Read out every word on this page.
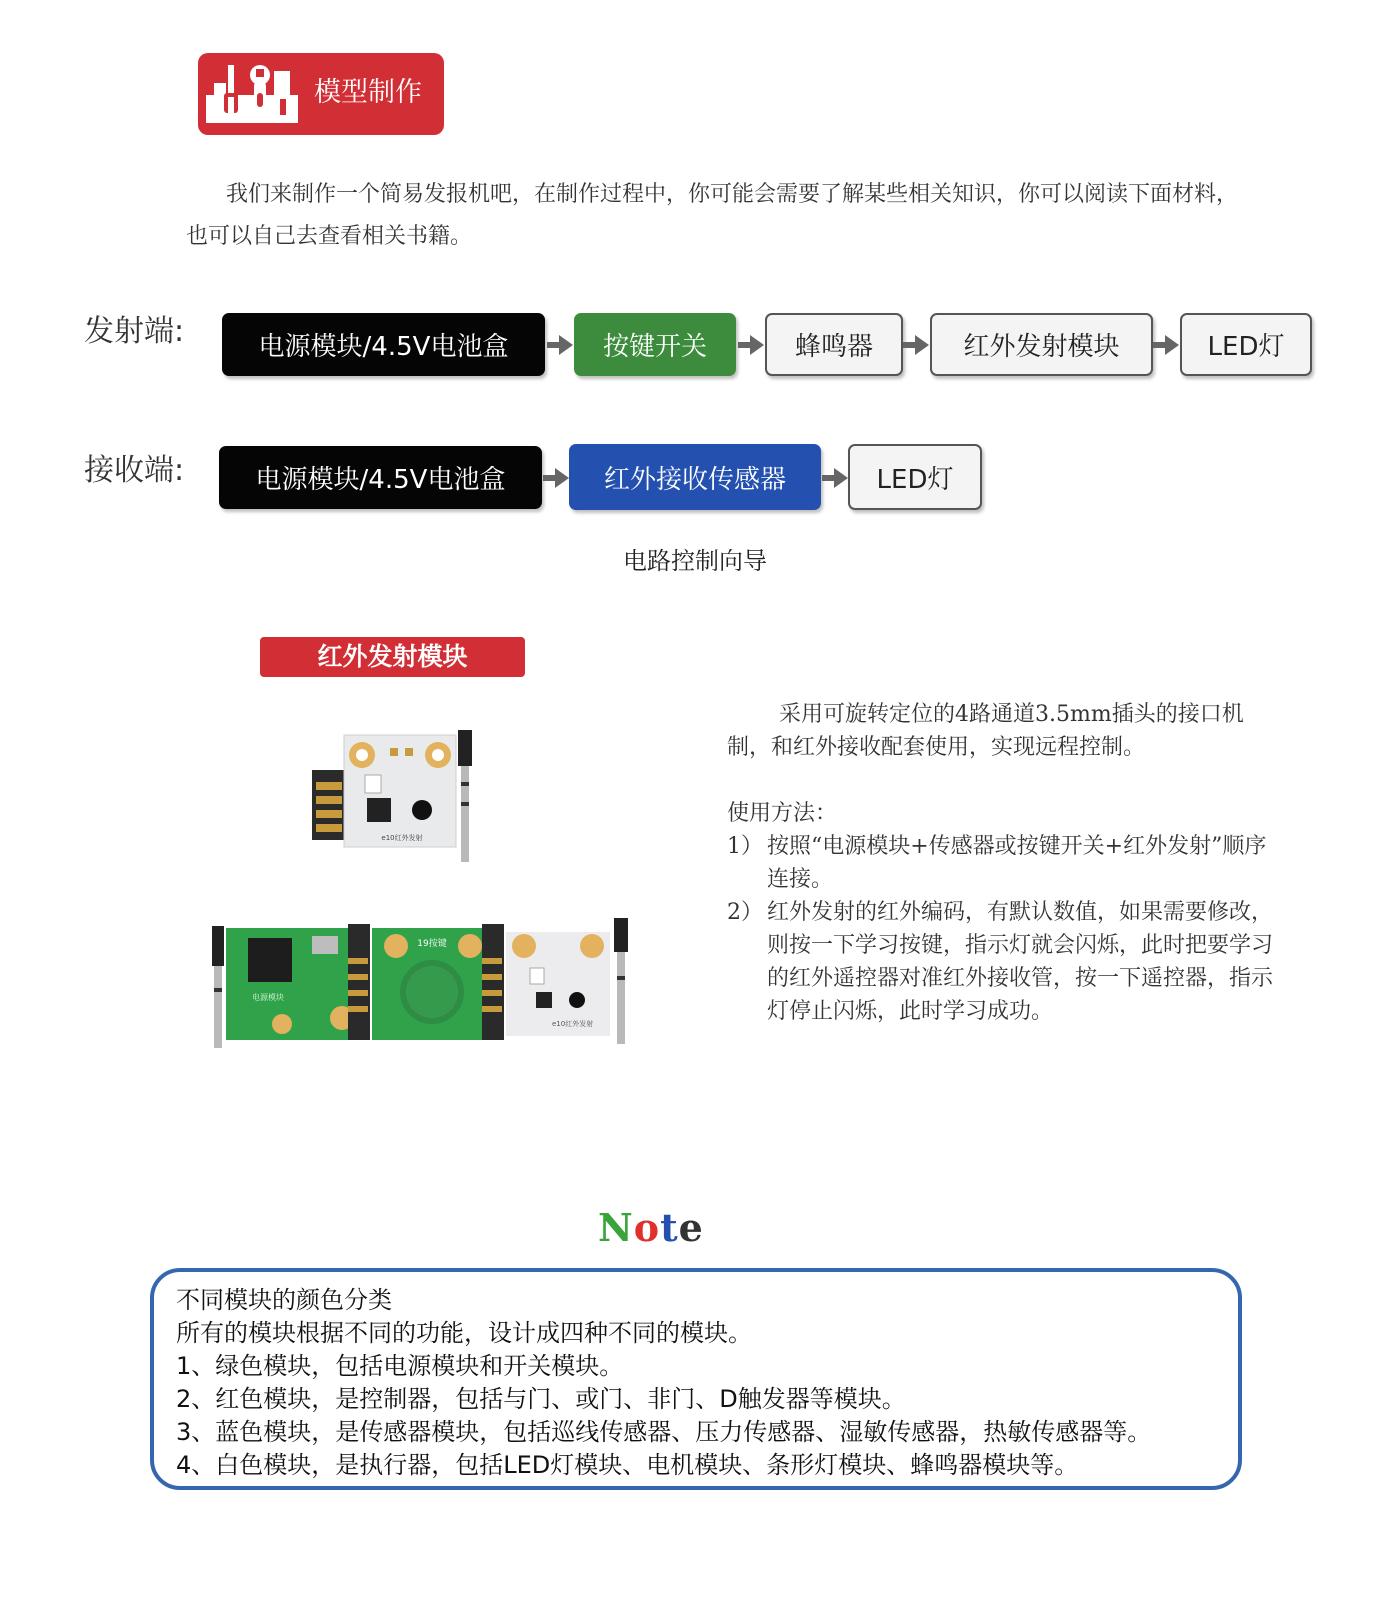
模型制作
我们来制作一个简易发报机吧，在制作过程中，你可能会需要了解某些相关知识，你可以阅读下面材料，也可以自己去查看相关书籍。
发射端:	电源模块/4.5V电池盒	按键开关	蜂鸣器	红外发射模块	LED灯
接收端:	电源模块/4.5V电池盒	红外接收传感器	LED灯
电路控制向导
红外发射模块
e10红外发射
电源模块
19按键
e10红外发射

采用可旋转定位的4路通道3.5mm插头的接口机制，和红外接收配套使用，实现远程控制。

使用方法：

1） 按照“电源模块+传感器或按键开关+红外发射”顺序连接。
2） 红外发射的红外编码，有默认数值，如果需要修改，则按一下学习按键，指示灯就会闪烁，此时把要学习的红外遥控器对准红外接收管，按一下遥控器，指示灯停止闪烁，此时学习成功。
Note
不同模块的颜色分类
所有的模块根据不同的功能，设计成四种不同的模块。
1、绿色模块，包括电源模块和开关模块。
2、红色模块，是控制器，包括与门、或门、非门、D触发器等模块。
3、蓝色模块，是传感器模块，包括巡线传感器、压力传感器、湿敏传感器，热敏传感器等。
4、白色模块，是执行器，包括LED灯模块、电机模块、条形灯模块、蜂鸣器模块等。
